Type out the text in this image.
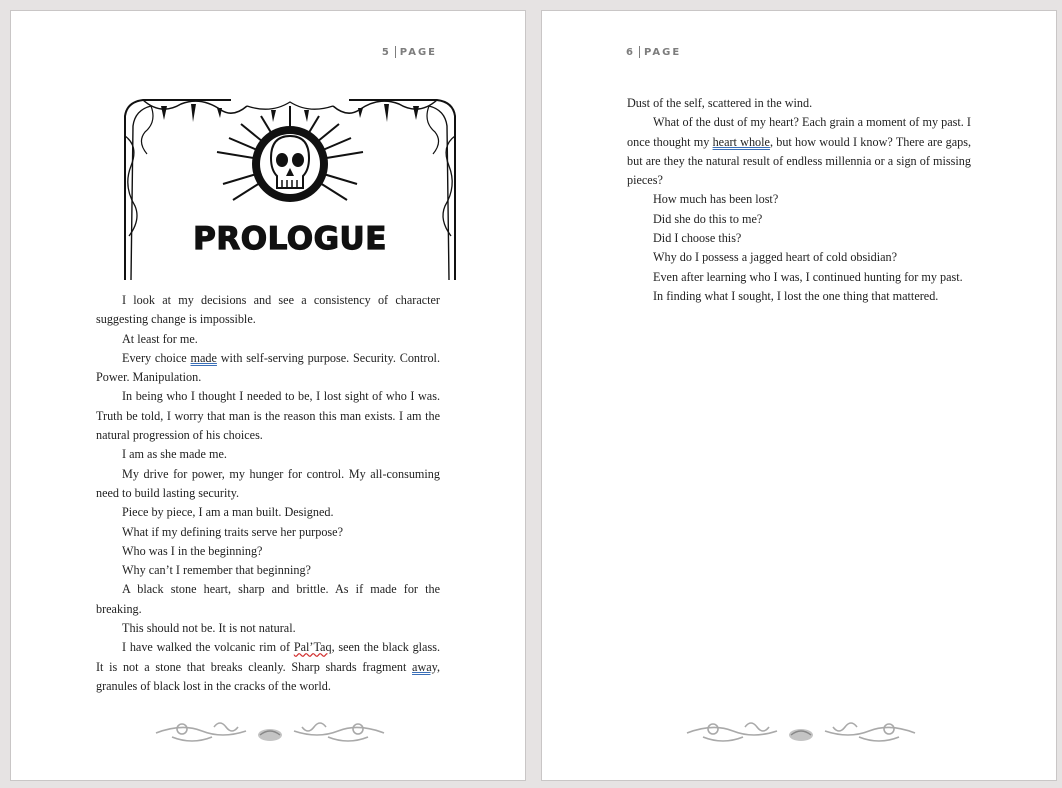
5 PAGE
PROLOGUE

I look at my decisions and see a consistency of character suggesting change is impossible.

At least for me.

Every choice made with self-serving purpose. Security. Control. Power. Manipulation.

In being who I thought I needed to be, I lost sight of who I was. Truth be told, I worry that man is the reason this man exists. I am the natural progression of his choices.

I am as she made me.

My drive for power, my hunger for control. My all-consuming need to build lasting security.

Piece by piece, I am a man built. Designed.

What if my defining traits serve her purpose?

Who was I in the beginning?

Why can’t I remember that beginning?

A black stone heart, sharp and brittle. As if made for the breaking.

This should not be. It is not natural.

I have walked the volcanic rim of Pal’Taq, seen the black glass. It is not a stone that breaks cleanly. Sharp shards fragment away, granules of black lost in the cracks of the world.

6 PAGE

Dust of the self, scattered in the wind.

What of the dust of my heart? Each grain a moment of my past. I once thought my heart whole, but how would I know? There are gaps, but are they the natural result of endless millennia or a sign of missing pieces?

How much has been lost?

Did she do this to me?

Did I choose this?

Why do I possess a jagged heart of cold obsidian?

Even after learning who I was, I continued hunting for my past.

In finding what I sought, I lost the one thing that mattered.
